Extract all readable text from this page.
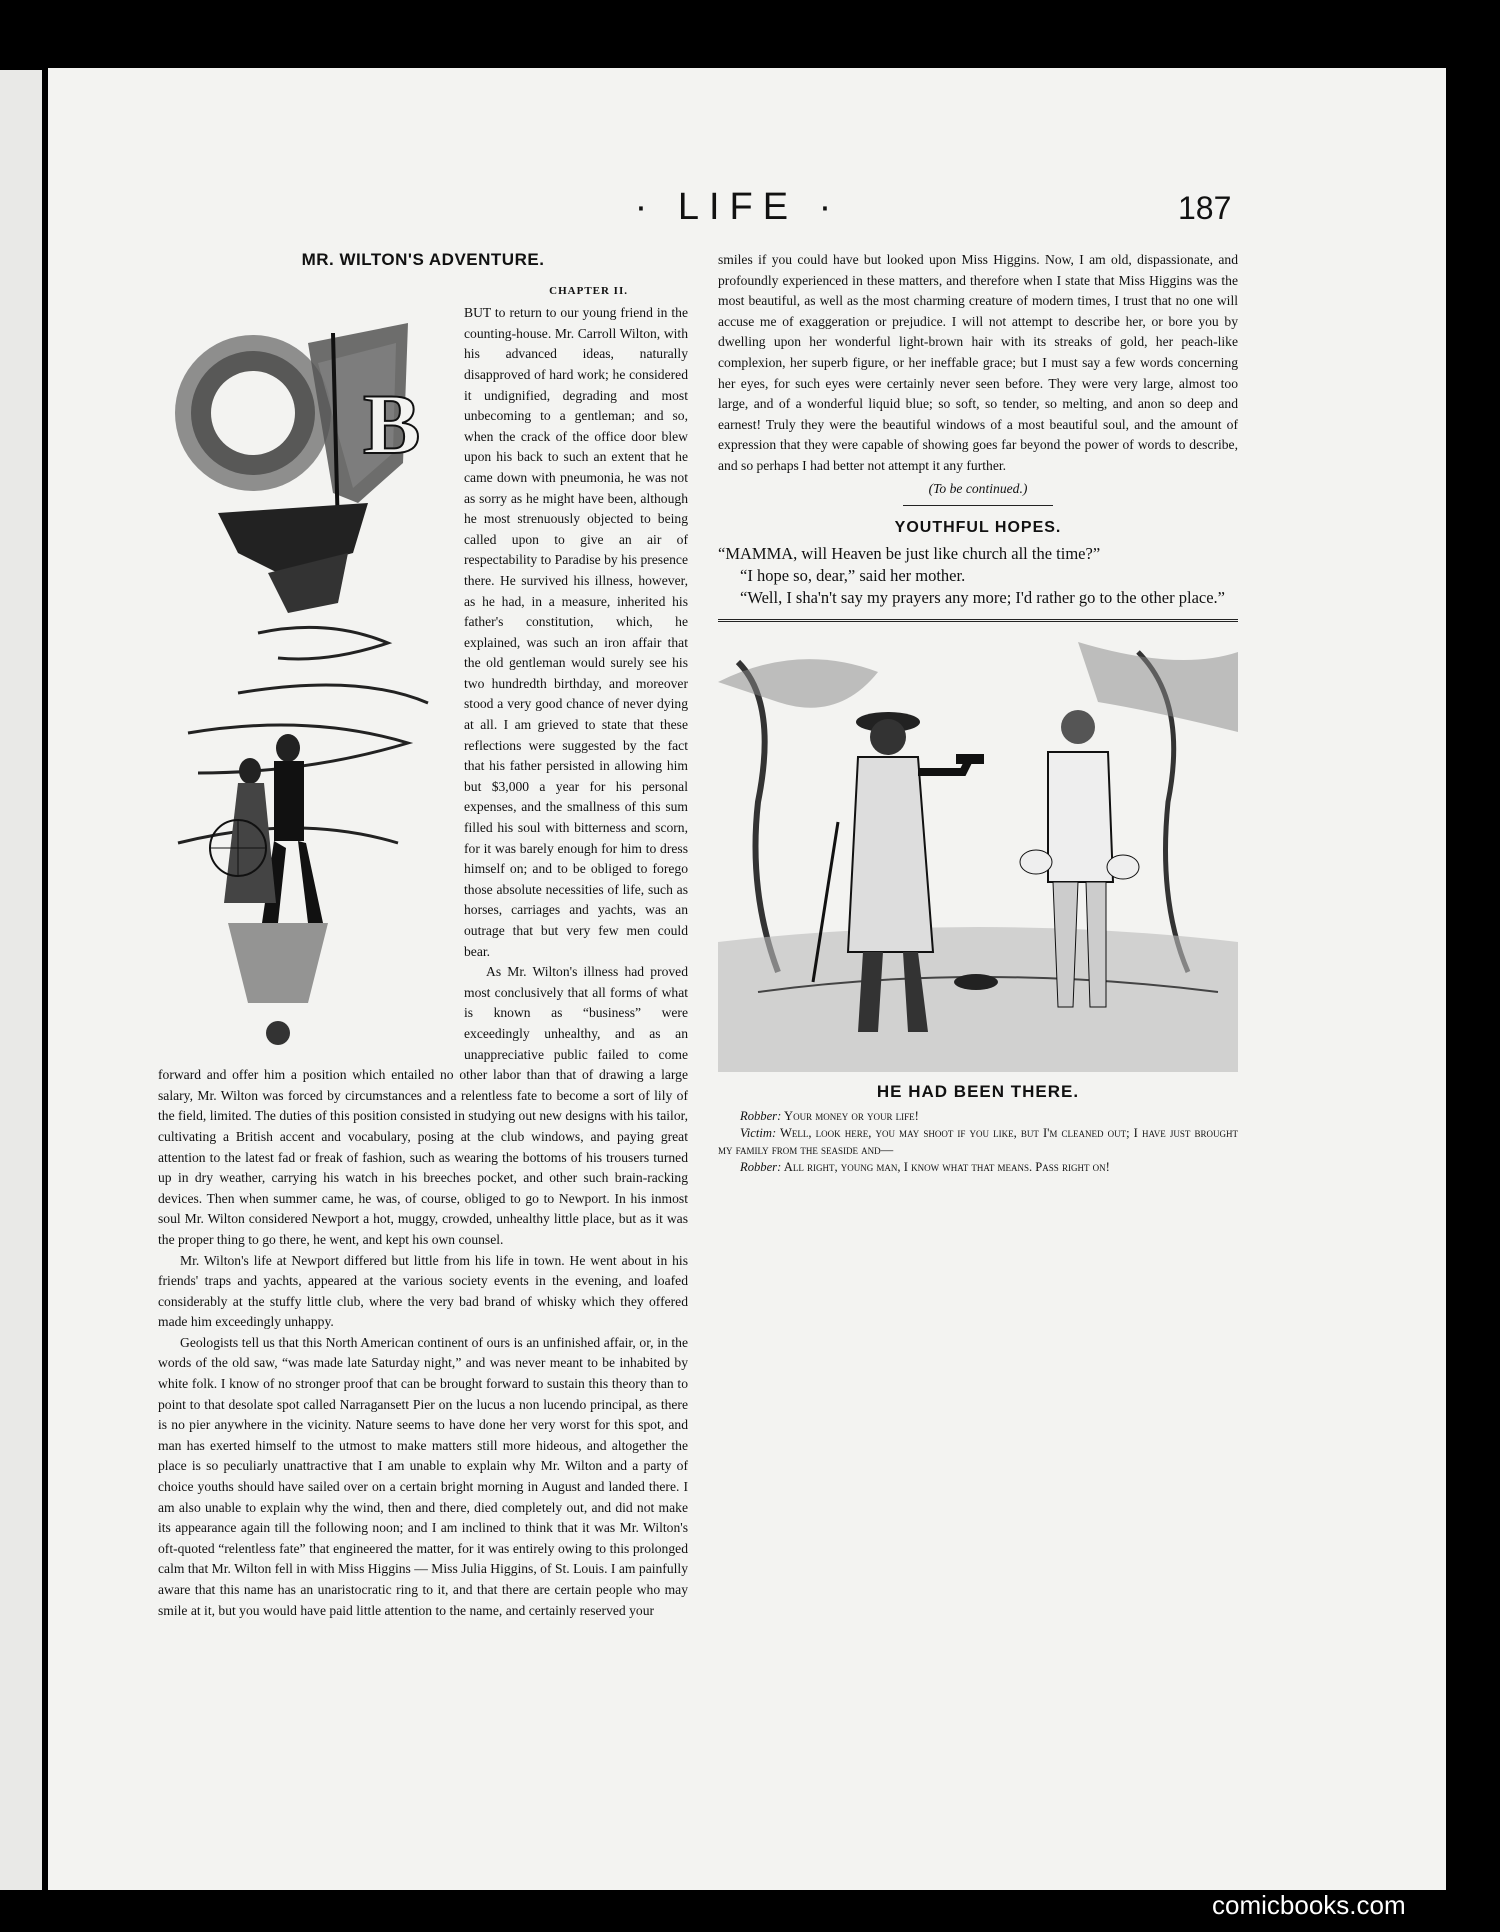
· LIFE ·	187
MR. WILTON'S ADVENTURE.
CHAPTER II.
B

BUT to return to our young friend in the counting-house. Mr. Carroll Wilton, with his advanced ideas, naturally disapproved of hard work; he considered it undignified, degrading and most unbecoming to a gentleman; and so, when the crack of the office door blew upon his back to such an extent that he came down with pneumonia, he was not as sorry as he might have been, although he most strenuously objected to being called upon to give an air of respectability to Paradise by his presence there. He survived his illness, however, as he had, in a measure, inherited his father's constitution, which, he explained, was such an iron affair that the old gentleman would surely see his two hundredth birthday, and moreover stood a very good chance of never dying at all. I am grieved to state that these reflections were suggested by the fact that his father persisted in allowing him but $3,000 a year for his personal expenses, and the smallness of this sum filled his soul with bitterness and scorn, for it was barely enough for him to dress himself on; and to be obliged to forego those absolute necessities of life, such as horses, carriages and yachts, was an outrage that but very few men could bear.

As Mr. Wilton's illness had proved most conclusively that all forms of what is known as “business” were exceedingly unhealthy, and as an unappreciative public failed to come forward and offer him a position which entailed no other labor than that of drawing a large salary, Mr. Wilton was forced by circumstances and a relentless fate to become a sort of lily of the field, limited. The duties of this position consisted in studying out new designs with his tailor, cultivating a British accent and vocabulary, posing at the club windows, and paying great attention to the latest fad or freak of fashion, such as wearing the bottoms of his trousers turned up in dry weather, carrying his watch in his breeches pocket, and other such brain-racking devices. Then when summer came, he was, of course, obliged to go to Newport. In his inmost soul Mr. Wilton considered Newport a hot, muggy, crowded, unhealthy little place, but as it was the proper thing to go there, he went, and kept his own counsel.

Mr. Wilton's life at Newport differed but little from his life in town. He went about in his friends' traps and yachts, appeared at the various society events in the evening, and loafed considerably at the stuffy little club, where the very bad brand of whisky which they offered made him exceedingly unhappy.

Geologists tell us that this North American continent of ours is an unfinished affair, or, in the words of the old saw, “was made late Saturday night,” and was never meant to be inhabited by white folk. I know of no stronger proof that can be brought forward to sustain this theory than to point to that desolate spot called Narragansett Pier on the lucus a non lucendo principal, as there is no pier anywhere in the vicinity. Nature seems to have done her very worst for this spot, and man has exerted himself to the utmost to make matters still more hideous, and altogether the place is so peculiarly unattractive that I am unable to explain why Mr. Wilton and a party of choice youths should have sailed over on a certain bright morning in August and landed there. I am also unable to explain why the wind, then and there, died completely out, and did not make its appearance again till the following noon; and I am inclined to think that it was Mr. Wilton's oft-quoted “relentless fate” that engineered the matter, for it was entirely owing to this prolonged calm that Mr. Wilton fell in with Miss Higgins — Miss Julia Higgins, of St. Louis. I am painfully aware that this name has an unaristocratic ring to it, and that there are certain people who may smile at it, but you would have paid little attention to the name, and certainly reserved your

smiles if you could have but looked upon Miss Higgins. Now, I am old, dispassionate, and profoundly experienced in these matters, and therefore when I state that Miss Higgins was the most beautiful, as well as the most charming creature of modern times, I trust that no one will accuse me of exaggeration or prejudice. I will not attempt to describe her, or bore you by dwelling upon her wonderful light-brown hair with its streaks of gold, her peach-like complexion, her superb figure, or her ineffable grace; but I must say a few words concerning her eyes, for such eyes were certainly never seen before. They were very large, almost too large, and of a wonderful liquid blue; so soft, so tender, so melting, and anon so deep and earnest! Truly they were the beautiful windows of a most beautiful soul, and the amount of expression that they were capable of showing goes far beyond the power of words to describe, and so perhaps I had better not attempt it any further.

(To be continued.)
YOUTHFUL HOPES.

“MAMMA, will Heaven be just like church all the time?”

“I hope so, dear,” said her mother.

“Well, I sha'n't say my prayers any more; I'd rather go to the other place.”

HE HAD BEEN THERE.

Robber: Your money or your life!

Victim: Well, look here, you may shoot if you like, but I'm cleaned out; I have just brought my family from the seaside and—

Robber: All right, young man, I know what that means. Pass right on!

comicbooks.com
